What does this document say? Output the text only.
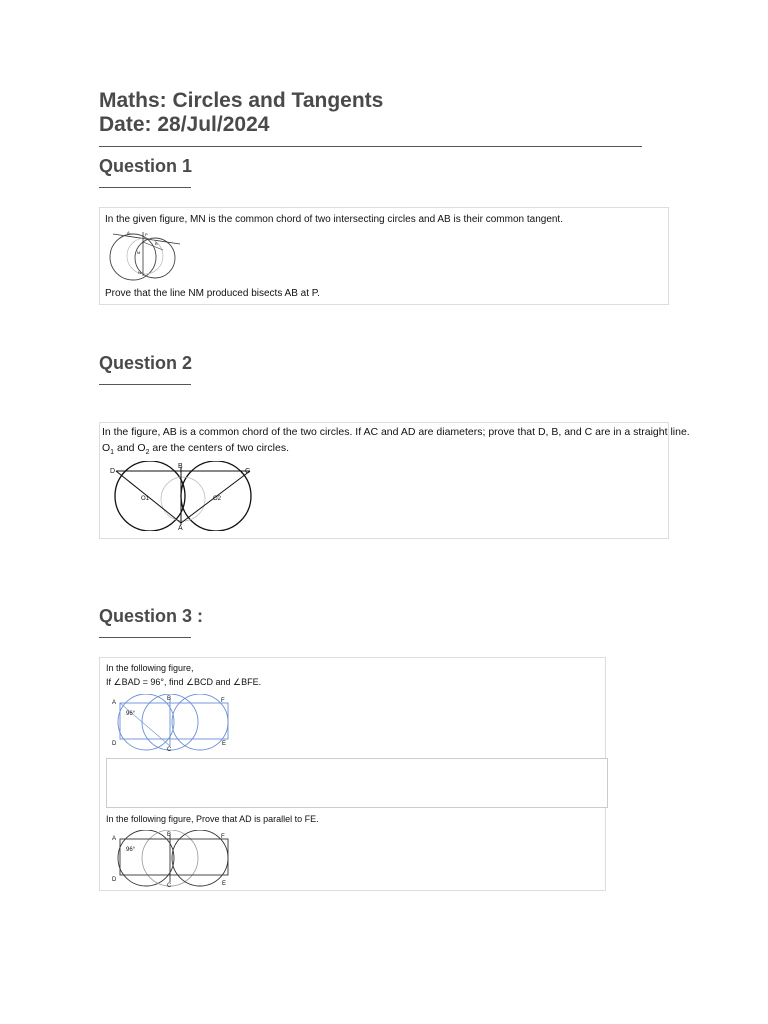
Maths: Circles and Tangents
Date: 28/Jul/2024
Question 1
In the given figure, MN is the common chord of two intersecting circles and AB is their common tangent.
A	P
B
M
N
Prove that the line NM produced bisects AB at P.
Question 2
In the figure, AB is a common chord of the two circles. If AC and AD are diameters; prove that D, B, and C are in a straight line.
$O_1$ and $O_2$ are the centers of two circles.
D
B
C
O1	O2
A
Question 3 :
In the following figure,
If ∠BAD = 96°, find ∠BCD and ∠BFE.
A
B	F
D
C
E
96°
In the following figure, Prove that AD is parallel to FE.
A
B	F
D
C	E
96°
